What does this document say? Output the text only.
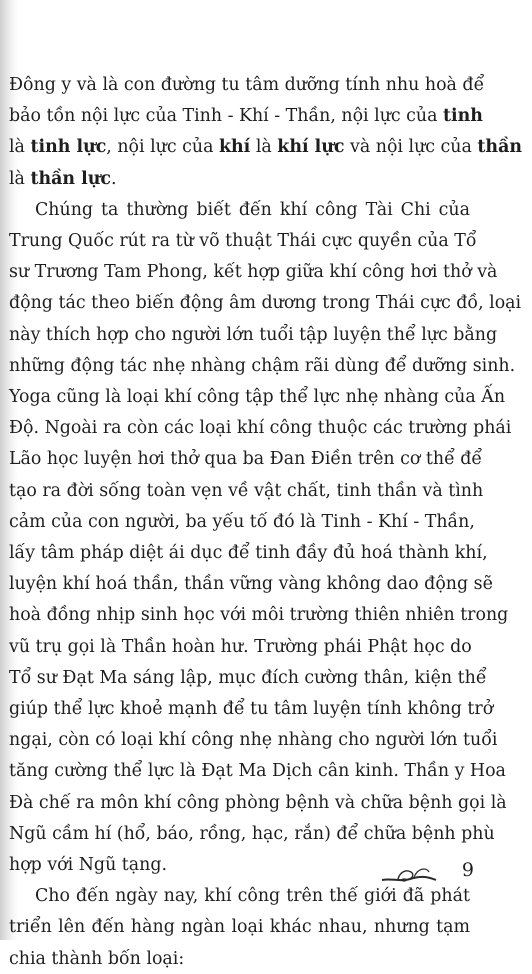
Đông y và là con đường tu tâm dưỡng tính nhu hoà để
bảo tồn nội lực của Tinh - Khí - Thần, nội lực của tinh
là tinh lực, nội lực của khí là khí lực và nội lực của thần
là thần lực.
Chúng ta thường biết đến khí công Tài Chi của
Trung Quốc rút ra từ võ thuật Thái cực quyền của Tổ
sư Trương Tam Phong, kết hợp giữa khí công hơi thở và
động tác theo biến động âm dương trong Thái cực đồ, loại
này thích hợp cho người lớn tuổi tập luyện thể lực bằng
những động tác nhẹ nhàng chậm rãi dùng để dưỡng sinh.
Yoga cũng là loại khí công tập thể lực nhẹ nhàng của Ấn
Độ. Ngoài ra còn các loại khí công thuộc các trường phái
Lão học luyện hơi thở qua ba Đan Điền trên cơ thể để
tạo ra đời sống toàn vẹn về vật chất, tinh thần và tình
cảm của con người, ba yếu tố đó là Tinh - Khí - Thần,
lấy tâm pháp diệt ái dục để tinh đầy đủ hoá thành khí,
luyện khí hoá thần, thần vững vàng không dao động sẽ
hoà đồng nhịp sinh học với môi trường thiên nhiên trong
vũ trụ gọi là Thần hoàn hư. Trường phái Phật học do
Tổ sư Đạt Ma sáng lập, mục đích cường thân, kiện thể
giúp thể lực khoẻ mạnh để tu tâm luyện tính không trở
ngại, còn có loại khí công nhẹ nhàng cho người lớn tuổi
tăng cường thể lực là Đạt Ma Dịch cân kinh. Thần y Hoa
Đà chế ra môn khí công phòng bệnh và chữa bệnh gọi là
Ngũ cầm hí (hổ, báo, rồng, hạc, rắn) để chữa bệnh phù
hợp với Ngũ tạng.
Cho đến ngày nay, khí công trên thế giới đã phát
triển lên đến hàng ngàn loại khác nhau, nhưng tạm
chia thành bốn loại:
9
